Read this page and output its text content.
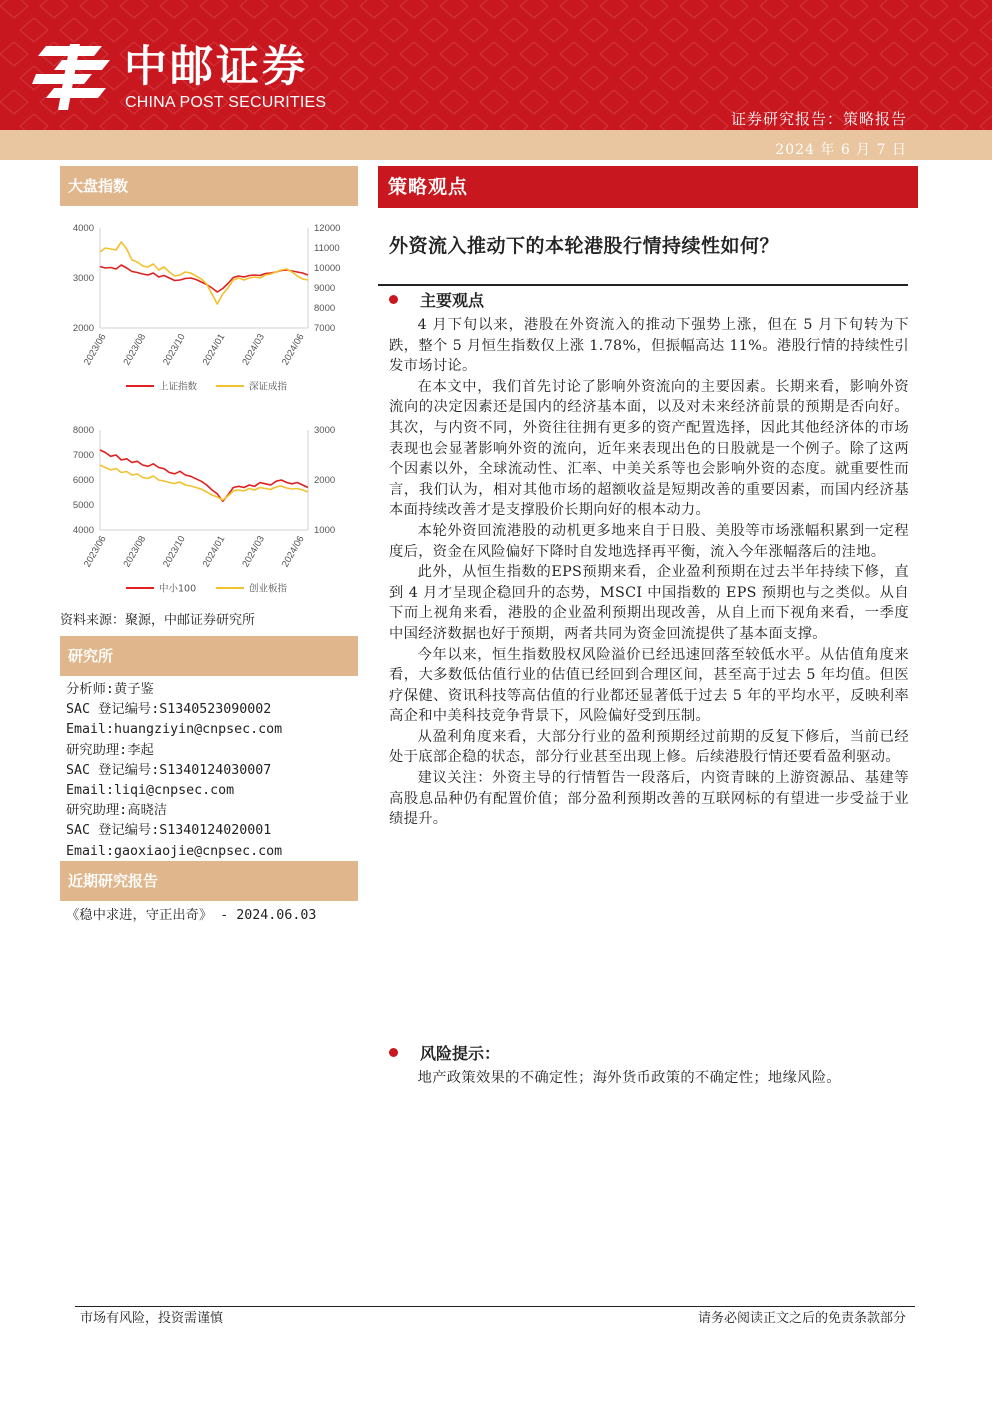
中邮证券
CHINA POST SECURITIES
证券研究报告：策略报告
2024 年 6 月 7 日
大盘指数
4000
3000
2000
12000
11000
10000
9000
8000
7000
2023/06 2023/08 2023/10 2024/01 2024/03 2024/06
上证指数	深证成指
8000
7000
6000
5000
4000
3000
2000
1000
2023/06 2023/08 2023/10 2024/01 2024/03 2024/06
中小100	创业板指
资料来源：聚源，中邮证券研究所
研究所
分析师:黄子鉴
SAC 登记编号:S1340523090002
Email:huangziyin@cnpsec.com
研究助理:李起
SAC 登记编号:S1340124030007
Email:liqi@cnpsec.com
研究助理:高晓洁
SAC 登记编号:S1340124020001
Email:gaoxiaojie@cnpsec.com
近期研究报告
《稳中求进，守正出奇》 - 2024.06.03
策略观点
外资流入推动下的本轮港股行情持续性如何？
主要观点

4 月下旬以来，港股在外资流入的推动下强势上涨，但在 5 月下旬转为下跌，整个 5 月恒生指数仅上涨 1.78%，但振幅高达 11%。港股行情的持续性引发市场讨论。

在本文中，我们首先讨论了影响外资流向的主要因素。长期来看，影响外资流向的决定因素还是国内的经济基本面，以及对未来经济前景的预期是否向好。其次，与内资不同，外资往往拥有更多的资产配置选择，因此其他经济体的市场表现也会显著影响外资的流向，近年来表现出色的日股就是一个例子。除了这两个因素以外，全球流动性、汇率、中美关系等也会影响外资的态度。就重要性而言，我们认为，相对其他市场的超额收益是短期改善的重要因素，而国内经济基本面持续改善才是支撑股价长期向好的根本动力。

本轮外资回流港股的动机更多地来自于日股、美股等市场涨幅积累到一定程度后，资金在风险偏好下降时自发地选择再平衡，流入今年涨幅落后的洼地。

此外，从恒生指数的EPS预期来看，企业盈利预期在过去半年持续下修，直到 4 月才呈现企稳回升的态势，MSCI 中国指数的 EPS 预期也与之类似。从自下而上视角来看，港股的企业盈利预期出现改善，从自上而下视角来看，一季度中国经济数据也好于预期，两者共同为资金回流提供了基本面支撑。

今年以来，恒生指数股权风险溢价已经迅速回落至较低水平。从估值角度来看，大多数低估值行业的估值已经回到合理区间，甚至高于过去 5 年均值。但医疗保健、资讯科技等高估值的行业都还显著低于过去 5 年的平均水平，反映利率高企和中美科技竞争背景下，风险偏好受到压制。

从盈利角度来看，大部分行业的盈利预期经过前期的反复下修后，当前已经处于底部企稳的状态，部分行业甚至出现上修。后续港股行情还要看盈利驱动。

建议关注：外资主导的行情暂告一段落后，内资青睐的上游资源品、基建等高股息品种仍有配置价值；部分盈利预期改善的互联网标的有望进一步受益于业绩提升。

风险提示：

地产政策效果的不确定性；海外货币政策的不确定性；地缘风险。

市场有风险，投资需谨慎	请务必阅读正文之后的免责条款部分
